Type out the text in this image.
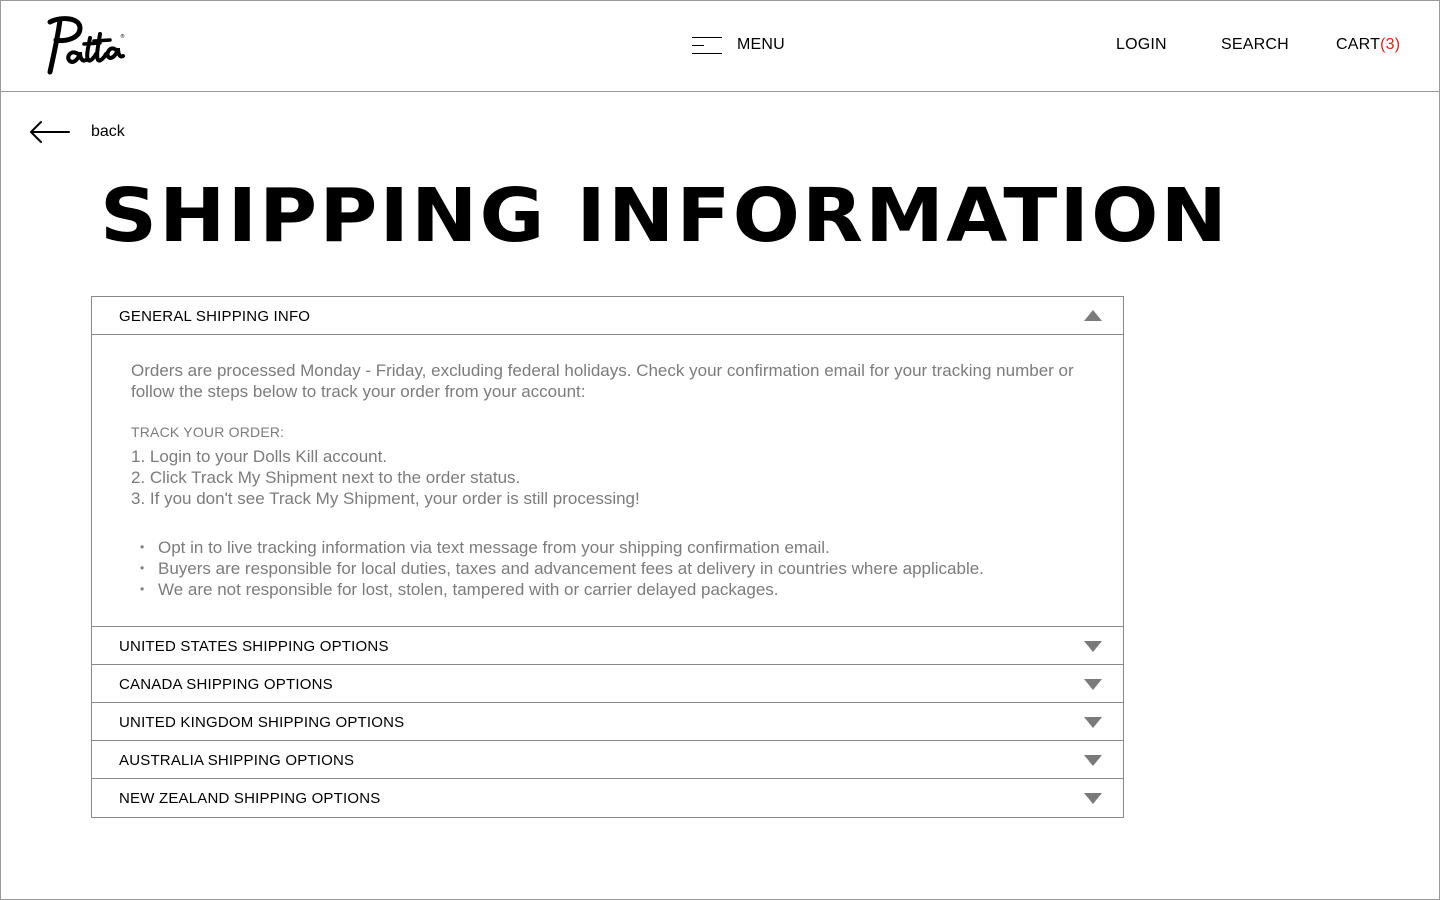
®	MENU	LOGIN	SEARCH	CART(3)
back
SHIPPING INFORMATION
GENERAL SHIPPING INFO

Orders are processed Monday - Friday, excluding federal holidays. Check your confirmation email for your tracking number or follow the steps below to track your order from your account:

TRACK YOUR ORDER:

1. Login to your Dolls Kill account.
2. Click Track My Shipment next to the order status.
3. If you don't see Track My Shipment, your order is still processing!
• Opt in to live tracking information via text message from your shipping confirmation email.
• Buyers are responsible for local duties, taxes and advancement fees at delivery in countries where applicable.
• We are not responsible for lost, stolen, tampered with or carrier delayed packages.
UNITED STATES SHIPPING OPTIONS
CANADA SHIPPING OPTIONS
UNITED KINGDOM SHIPPING OPTIONS
AUSTRALIA SHIPPING OPTIONS
NEW ZEALAND SHIPPING OPTIONS
